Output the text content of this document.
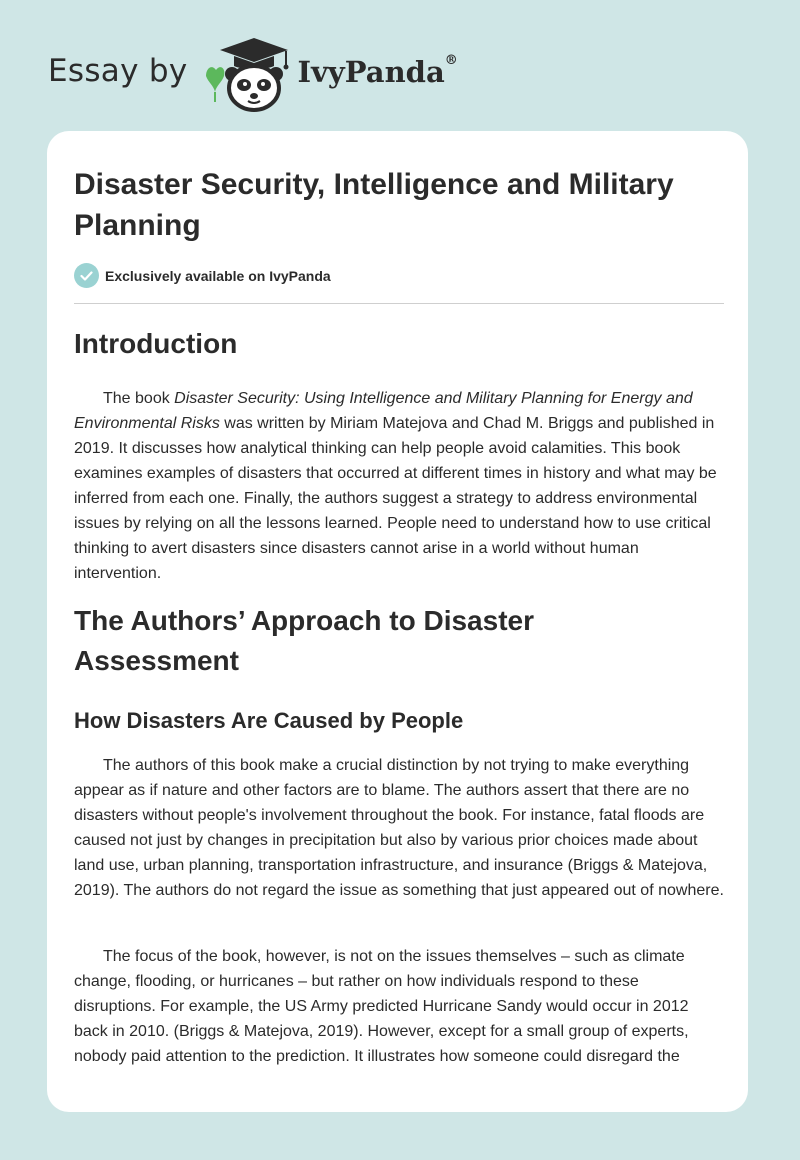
Essay by	IvyPanda®
Disaster Security, Intelligence and Military Planning
Exclusively available on IvyPanda
Introduction

The book Disaster Security: Using Intelligence and Military Planning for Energy and Environmental Risks was written by Miriam Matejova and Chad M. Briggs and published in 2019. It discusses how analytical thinking can help people avoid calamities. This book examines examples of disasters that occurred at different times in history and what may be inferred from each one. Finally, the authors suggest a strategy to address environmental issues by relying on all the lessons learned. People need to understand how to use critical thinking to avert disasters since disasters cannot arise in a world without human intervention.

The Authors’ Approach to Disaster Assessment
How Disasters Are Caused by People

The authors of this book make a crucial distinction by not trying to make everything appear as if nature and other factors are to blame. The authors assert that there are no disasters without people's involvement throughout the book. For instance, fatal floods are caused not just by changes in precipitation but also by various prior choices made about land use, urban planning, transportation infrastructure, and insurance (Briggs & Matejova, 2019). The authors do not regard the issue as something that just appeared out of nowhere.

The focus of the book, however, is not on the issues themselves – such as climate change, flooding, or hurricanes – but rather on how individuals respond to these disruptions. For example, the US Army predicted Hurricane Sandy would occur in 2012 back in 2010. (Briggs & Matejova, 2019). However, except for a small group of experts, nobody paid attention to the prediction. It illustrates how someone could disregard the
